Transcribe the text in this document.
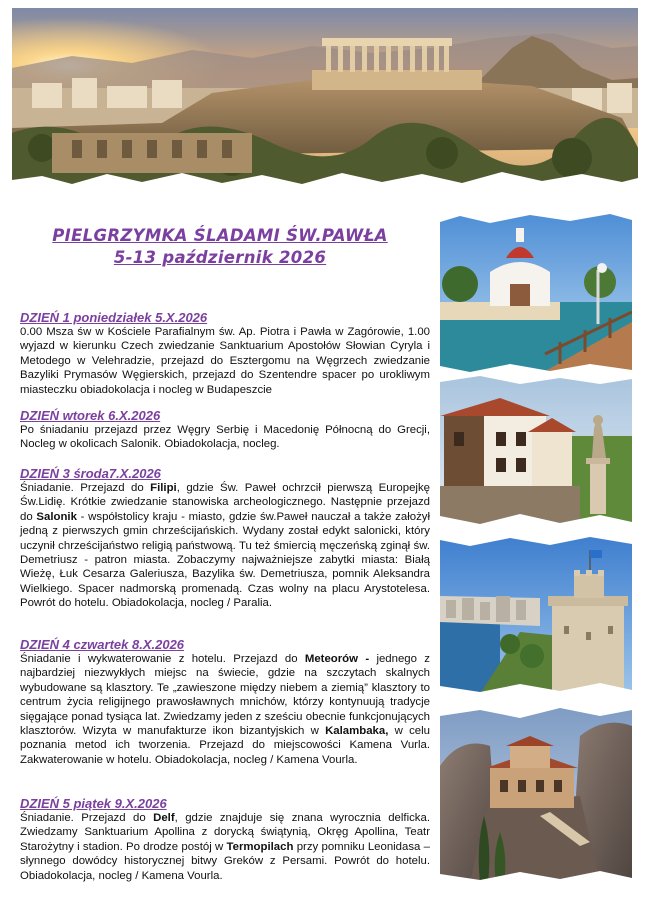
PIELGRZYMKA ŚLADAMI ŚW.PAWŁA
5-13 październik 2026
DZIEŃ 1 poniedziałek 5.X.2026
0.00 Msza św w Kościele Parafialnym św. Ap. Piotra i Pawła w Zagórowie, 1.00 wyjazd w kierunku Czech zwiedzanie Sanktuarium Apostołów Słowian Cyryla i Metodego w Velehradzie, przejazd do Esztergomu na Węgrzech zwiedzanie Bazyliki Prymasów Węgierskich, przejazd do Szentendre spacer po urokliwym miasteczku obiadokolacja i nocleg w Budapeszcie
DZIEŃ wtorek 6.X.2026
Po śniadaniu przejazd przez Węgry Serbię i Macedonię Północną do Grecji, Nocleg w okolicach Salonik. Obiadokolacja, nocleg.
DZIEŃ 3 środa7.X.2026
Śniadanie. Przejazd do Filipi, gdzie Św. Paweł ochrzcił pierwszą Europejkę Św.Lidię. Krótkie zwiedzanie stanowiska archeologicznego. Następnie przejazd do Salonik - współstolicy kraju - miasto, gdzie św.Paweł nauczał a także założył jedną z pierwszych gmin chrześcijańskich. Wydany został edykt salonicki, który uczynił chrześcijaństwo religią państwową. Tu też śmiercią męczeńską zginął św. Demetriusz - patron miasta. Zobaczymy najważniejsze zabytki miasta: Białą Wieżę, Łuk Cesarza Galeriusza, Bazylika św. Demetriusza, pomnik Aleksandra Wielkiego. Spacer nadmorską promenadą. Czas wolny na placu Arystotelesa. Powrót do hotelu. Obiadokolacja, nocleg / Paralia.
DZIEŃ 4 czwartek 8.X.2026
Śniadanie i wykwaterowanie z hotelu. Przejazd do Meteorów - jednego z najbardziej niezwykłych miejsc na świecie, gdzie na szczytach skalnych wybudowane są klasztory. Te „zawieszone między niebem a ziemią” klasztory to centrum życia religijnego prawosławnych mnichów, którzy kontynuują tradycje sięgające ponad tysiąca lat. Zwiedzamy jeden z sześciu obecnie funkcjonujących klasztorów. Wizyta w manufakturze ikon bizantyjskich w Kalambaka, w celu poznania metod ich tworzenia. Przejazd do miejscowości Kamena Vurla. Zakwaterowanie w hotelu. Obiadokolacja, nocleg / Kamena Vourla.
DZIEŃ 5 piątek 9.X.2026
Śniadanie. Przejazd do Delf, gdzie znajduje się znana wyrocznia delficka. Zwiedzamy Sanktuarium Apollina z dorycką świątynią, Okręg Apollina, Teatr Starożytny i stadion. Po drodze postój w Termopilach przy pomniku Leonidasa – słynnego dowódcy historycznej bitwy Greków z Persami. Powrót do hotelu. Obiadokolacja, nocleg / Kamena Vourla.
